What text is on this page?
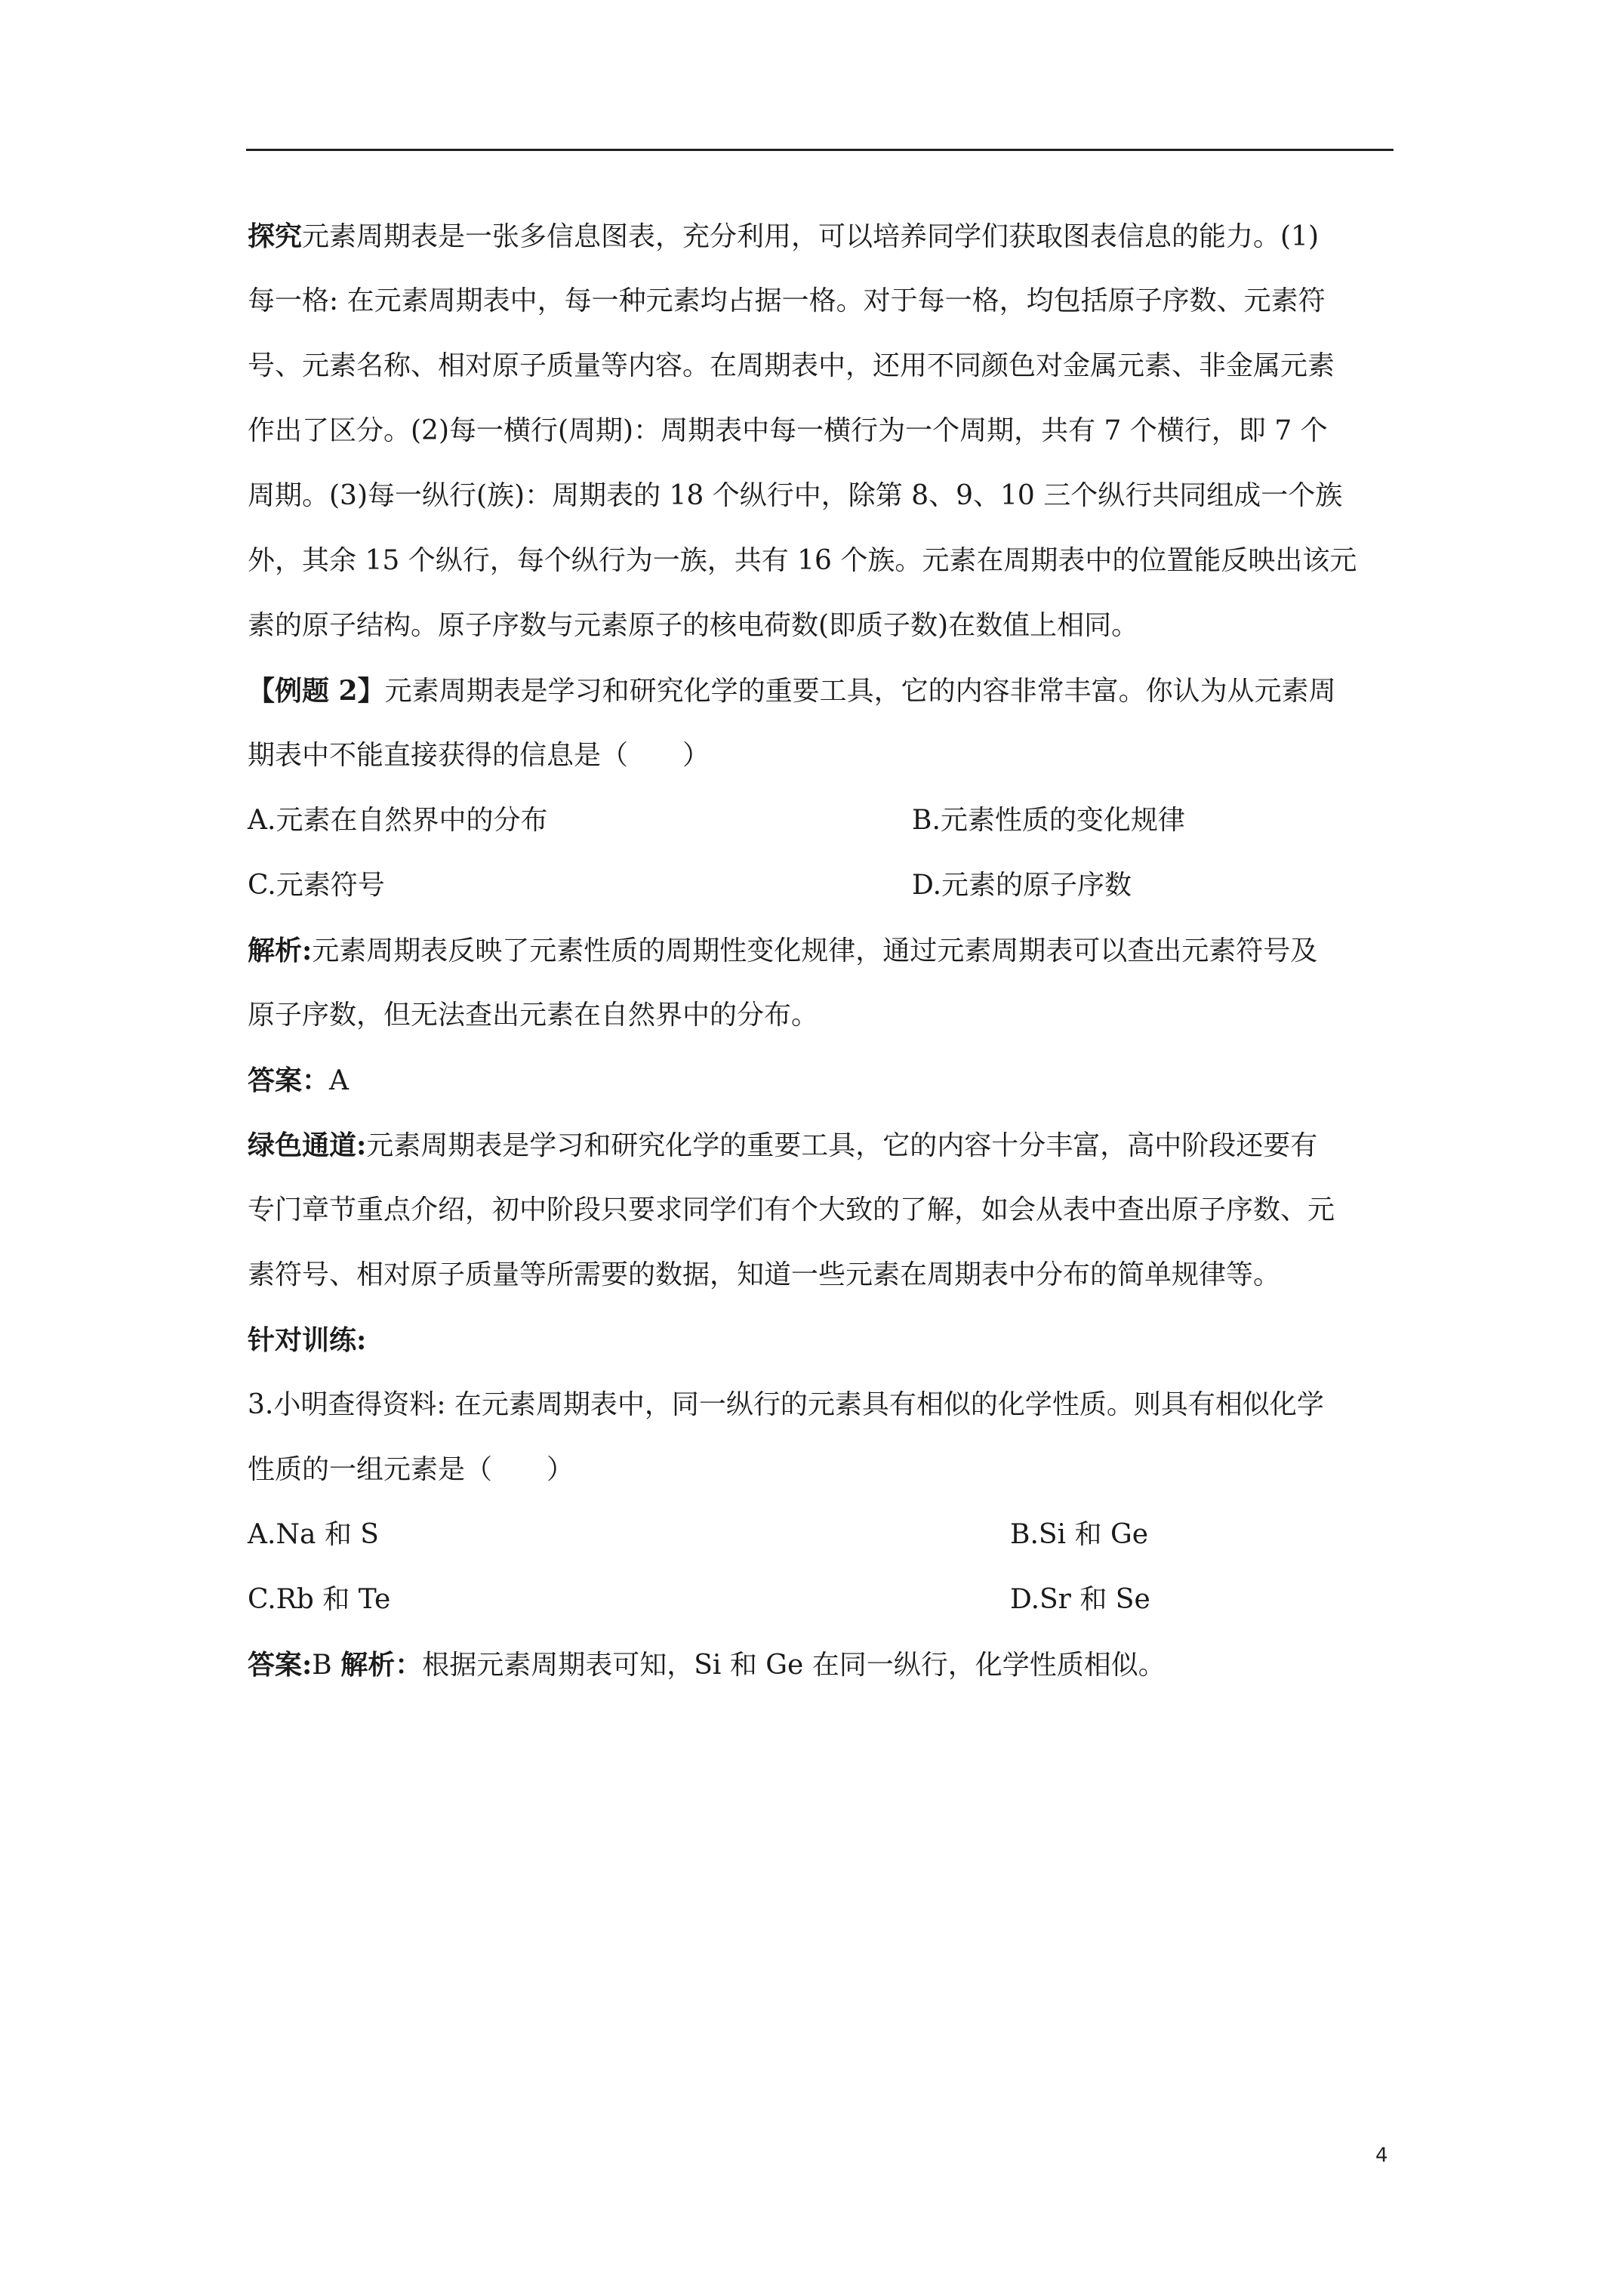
探究元素周期表是一张多信息图表，充分利用，可以培养同学们获取图表信息的能力。(1)
每一格: 在元素周期表中，每一种元素均占据一格。对于每一格，均包括原子序数、元素符
号、元素名称、相对原子质量等内容。在周期表中，还用不同颜色对金属元素、非金属元素
作出了区分。(2)每一横行(周期)：周期表中每一横行为一个周期，共有 7 个横行，即 7 个
周期。(3)每一纵行(族)：周期表的 18 个纵行中，除第 8、9、10 三个纵行共同组成一个族
外，其余 15 个纵行，每个纵行为一族，共有 16 个族。元素在周期表中的位置能反映出该元
素的原子结构。原子序数与元素原子的核电荷数(即质子数)在数值上相同。
【例题 2】元素周期表是学习和研究化学的重要工具，它的内容非常丰富。你认为从元素周
期表中不能直接获得的信息是（　　）
A.元素在自然界中的分布	B.元素性质的变化规律
C.元素符号	D.元素的原子序数
解析:元素周期表反映了元素性质的周期性变化规律，通过元素周期表可以查出元素符号及
原子序数，但无法查出元素在自然界中的分布。
答案：A
绿色通道:元素周期表是学习和研究化学的重要工具，它的内容十分丰富，高中阶段还要有
专门章节重点介绍，初中阶段只要求同学们有个大致的了解，如会从表中查出原子序数、元
素符号、相对原子质量等所需要的数据，知道一些元素在周期表中分布的简单规律等。
针对训练:
3.小明查得资料: 在元素周期表中，同一纵行的元素具有相似的化学性质。则具有相似化学
性质的一组元素是（　　）
A.Na 和 S	B.Si 和 Ge
C.Rb 和 Te	D.Sr 和 Se
答案:B 解析：根据元素周期表可知，Si 和 Ge 在同一纵行，化学性质相似。
4
